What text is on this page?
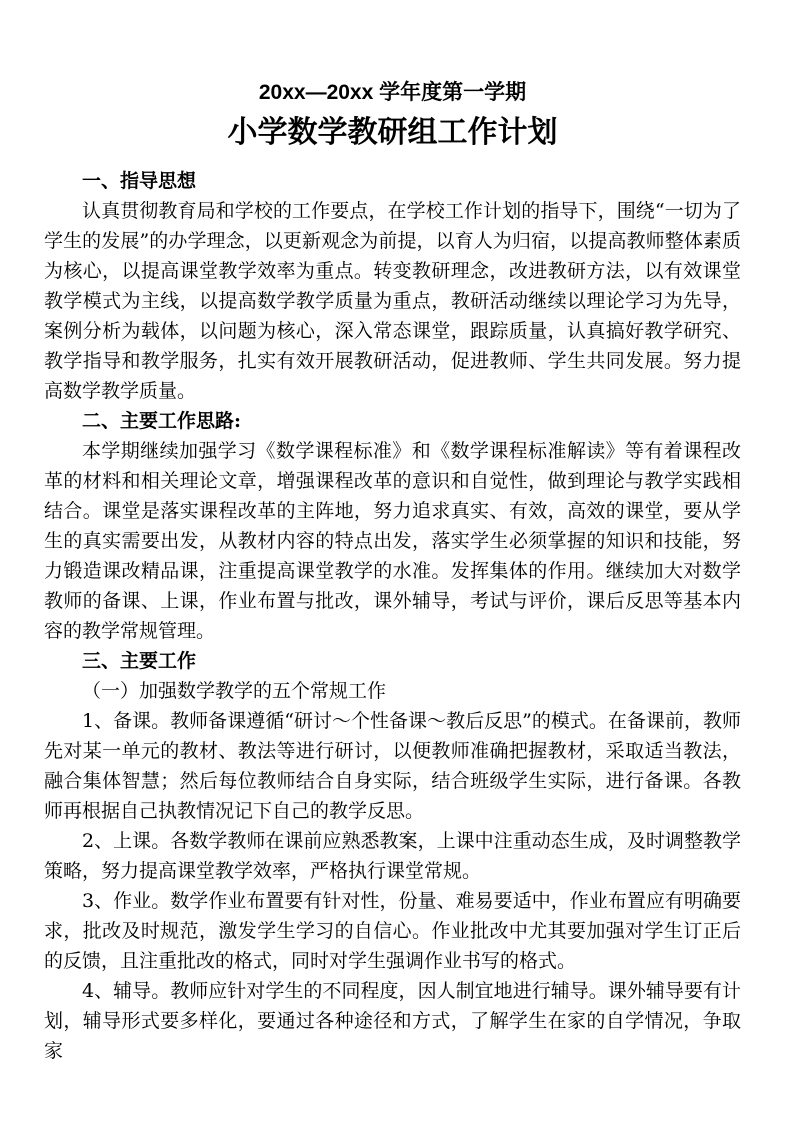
20xx—20xx 学年度第一学期

小学数学教研组工作计划

一、指导思想

认真贯彻教育局和学校的工作要点，在学校工作计划的指导下，围绕“一切为了学生的发展”的办学理念，以更新观念为前提，以育人为归宿，以提高教师整体素质为核心，以提高课堂教学效率为重点。转变教研理念，改进教研方法，以有效课堂教学模式为主线，以提高数学教学质量为重点，教研活动继续以理论学习为先导，案例分析为载体，以问题为核心，深入常态课堂，跟踪质量，认真搞好教学研究、教学指导和教学服务，扎实有效开展教研活动，促进教师、学生共同发展。努力提高数学教学质量。

二、主要工作思路:

本学期继续加强学习《数学课程标准》和《数学课程标准解读》等有着课程改革的材料和相关理论文章，增强课程改革的意识和自觉性，做到理论与教学实践相结合。课堂是落实课程改革的主阵地，努力追求真实、有效，高效的课堂，要从学生的真实需要出发，从教材内容的特点出发，落实学生必须掌握的知识和技能，努力锻造课改精品课，注重提高课堂教学的水准。发挥集体的作用。继续加大对数学教师的备课、上课，作业布置与批改，课外辅导，考试与评价，课后反思等基本内容的教学常规管理。

三、主要工作

（一）加强数学教学的五个常规工作

1、备课。教师备课遵循“研讨～个性备课～教后反思”的模式。在备课前，教师先对某一单元的教材、教法等进行研讨，以便教师准确把握教材，采取适当教法，融合集体智慧；然后每位教师结合自身实际，结合班级学生实际，进行备课。各教师再根据自己执教情况记下自己的教学反思。

2、上课。各数学教师在课前应熟悉教案，上课中注重动态生成，及时调整教学策略，努力提高课堂教学效率，严格执行课堂常规。

3、作业。数学作业布置要有针对性，份量、难易要适中，作业布置应有明确要求，批改及时规范，激发学生学习的自信心。作业批改中尤其要加强对学生订正后的反馈，且注重批改的格式，同时对学生强调作业书写的格式。

4、辅导。教师应针对学生的不同程度，因人制宜地进行辅导。课外辅导要有计划，辅导形式要多样化，要通过各种途径和方式，了解学生在家的自学情况，争取家
